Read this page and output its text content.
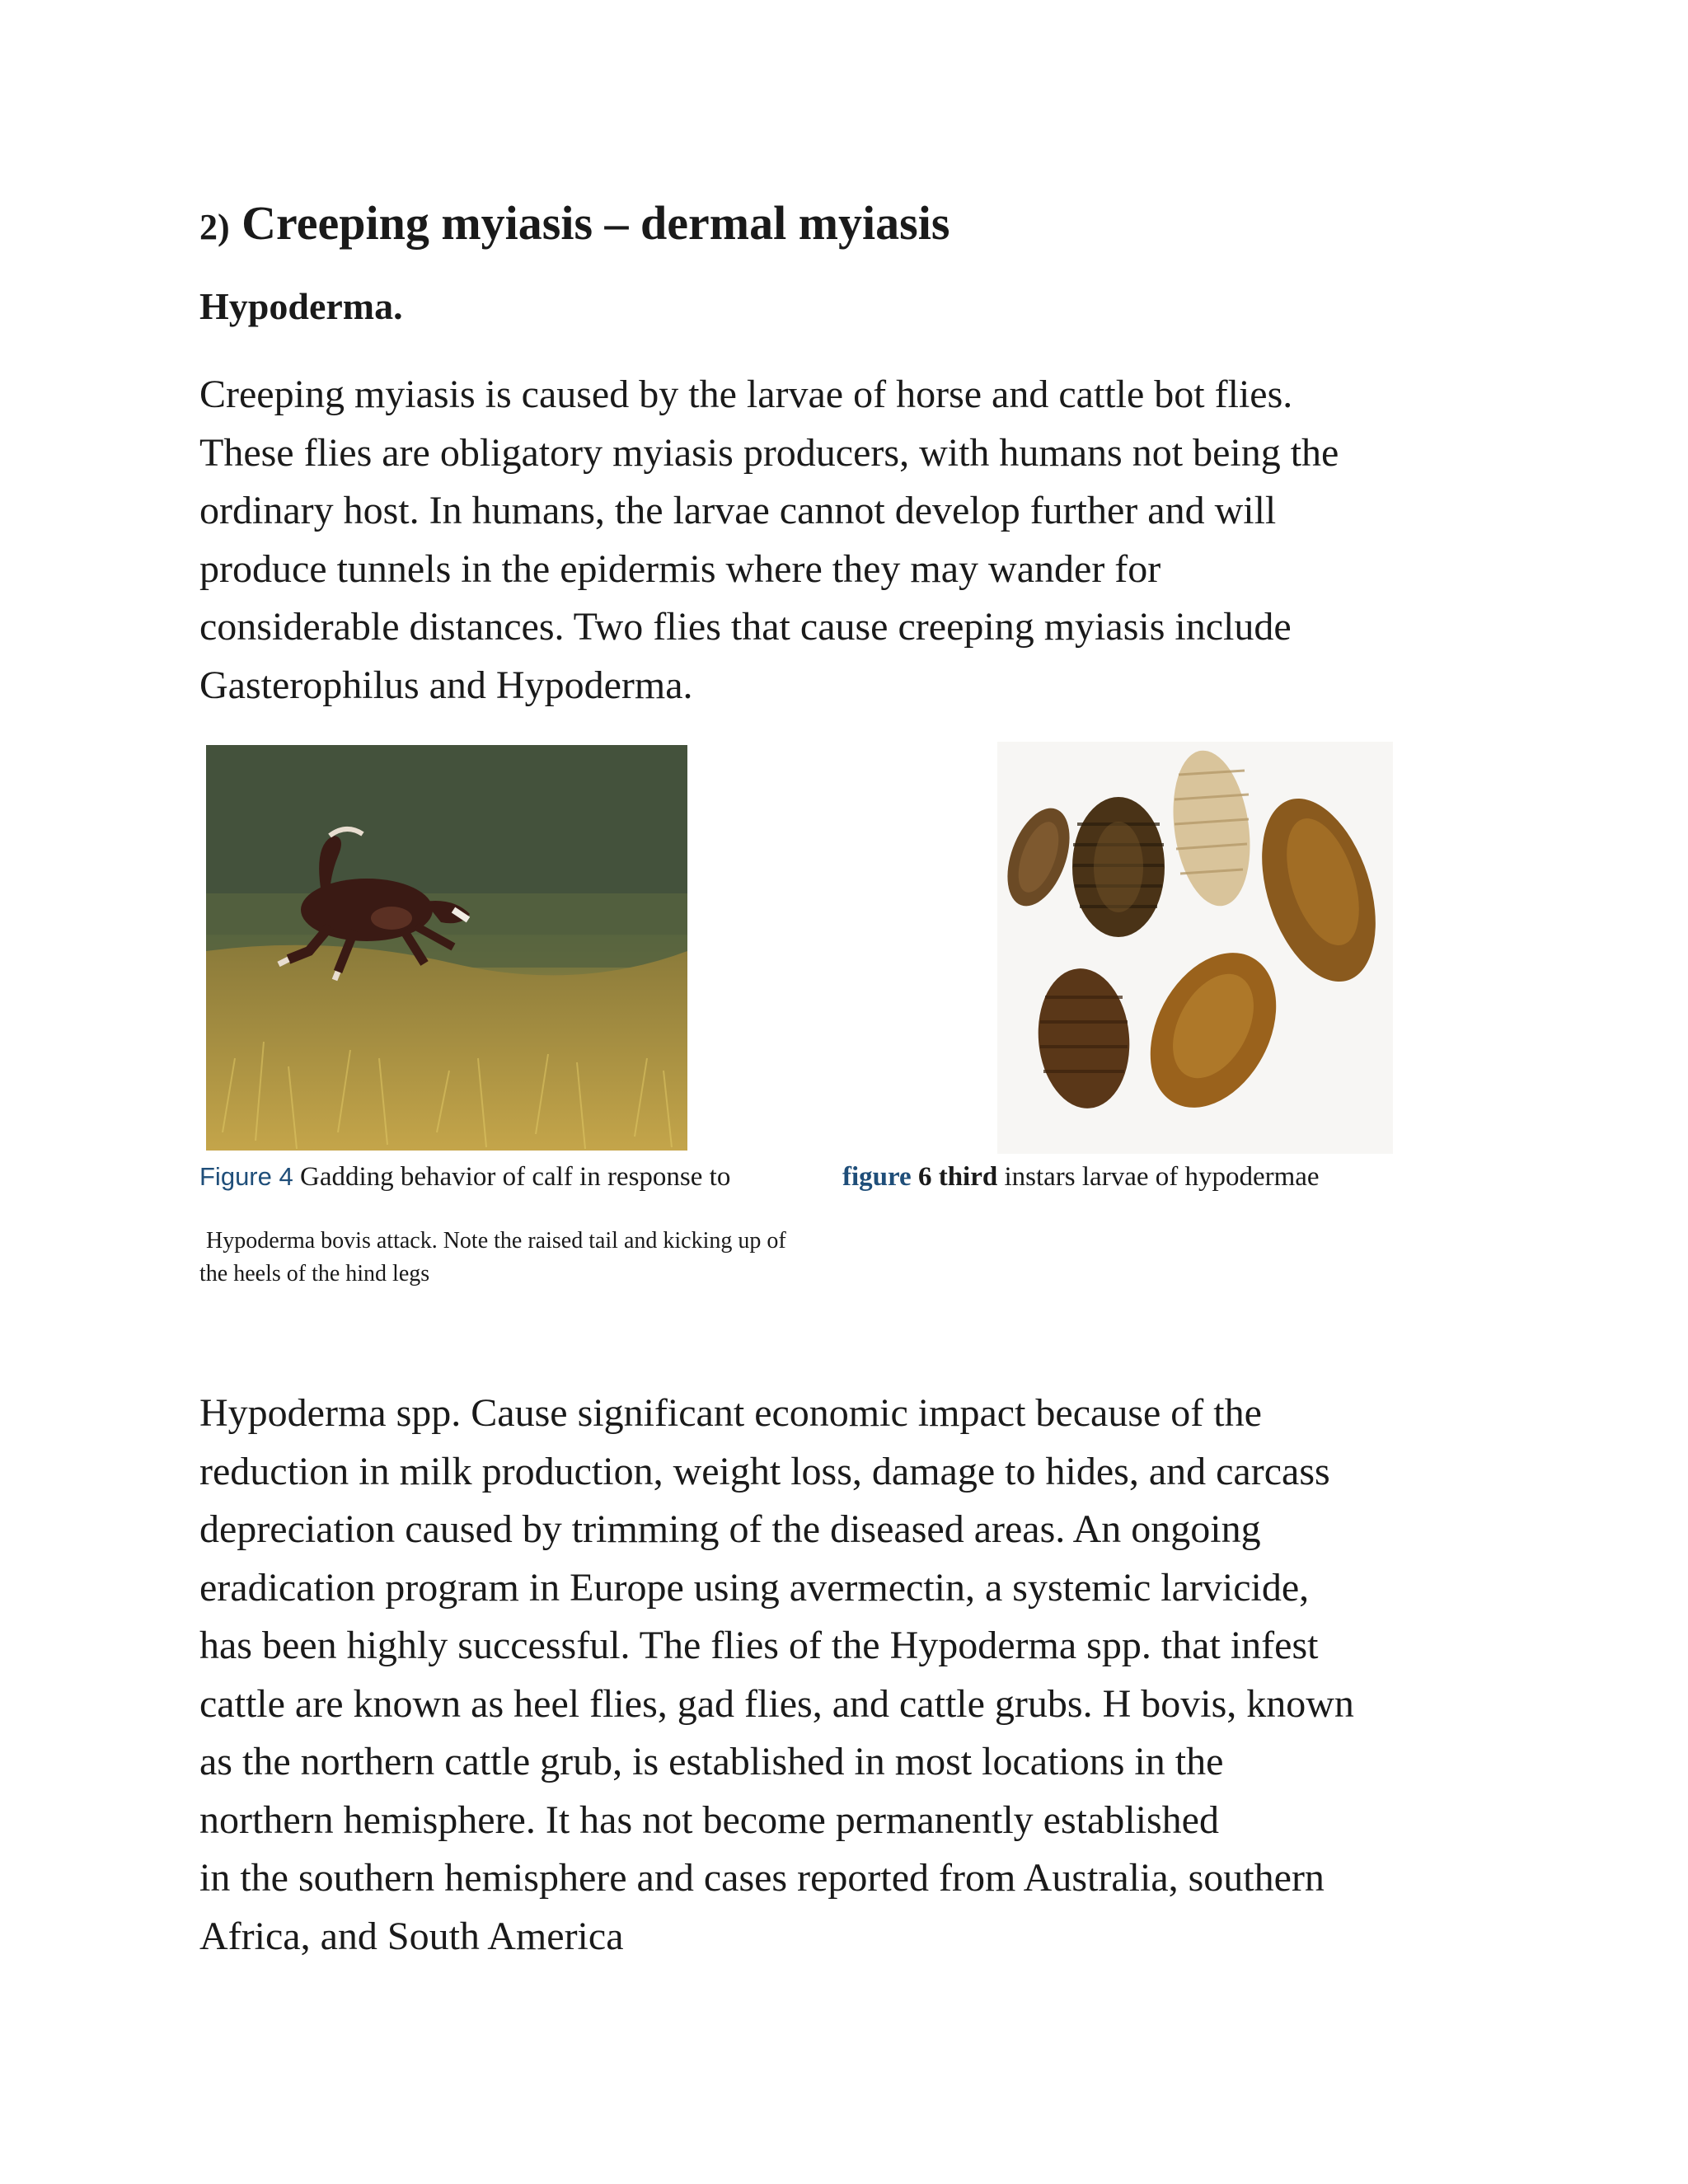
2) Creeping myiasis – dermal myiasis
Hypoderma.

Creeping myiasis is caused by the larvae of horse and cattle bot flies.
These flies are obligatory myiasis producers, with humans not being the
ordinary host. In humans, the larvae cannot develop further and will
produce tunnels in the epidermis where they may wander for
considerable distances. Two flies that cause creeping myiasis include
Gasterophilus and Hypoderma.

Figure 4 Gadding behavior of calf in response to
Hypoderma bovis attack. Note the raised tail and kicking up of
the heels of the hind legs
figure 6 third instars larvae of hypodermae

Hypoderma spp. Cause significant economic impact because of the
reduction in milk production, weight loss, damage to hides, and carcass
depreciation caused by trimming of the diseased areas. An ongoing
eradication program in Europe using avermectin, a systemic larvicide,
has been highly successful. The flies of the Hypoderma spp. that infest
cattle are known as heel flies, gad flies, and cattle grubs. H bovis, known
as the northern cattle grub, is established in most locations in the
northern hemisphere. It has not become permanently established
in the southern hemisphere and cases reported from Australia, southern
Africa, and South America
